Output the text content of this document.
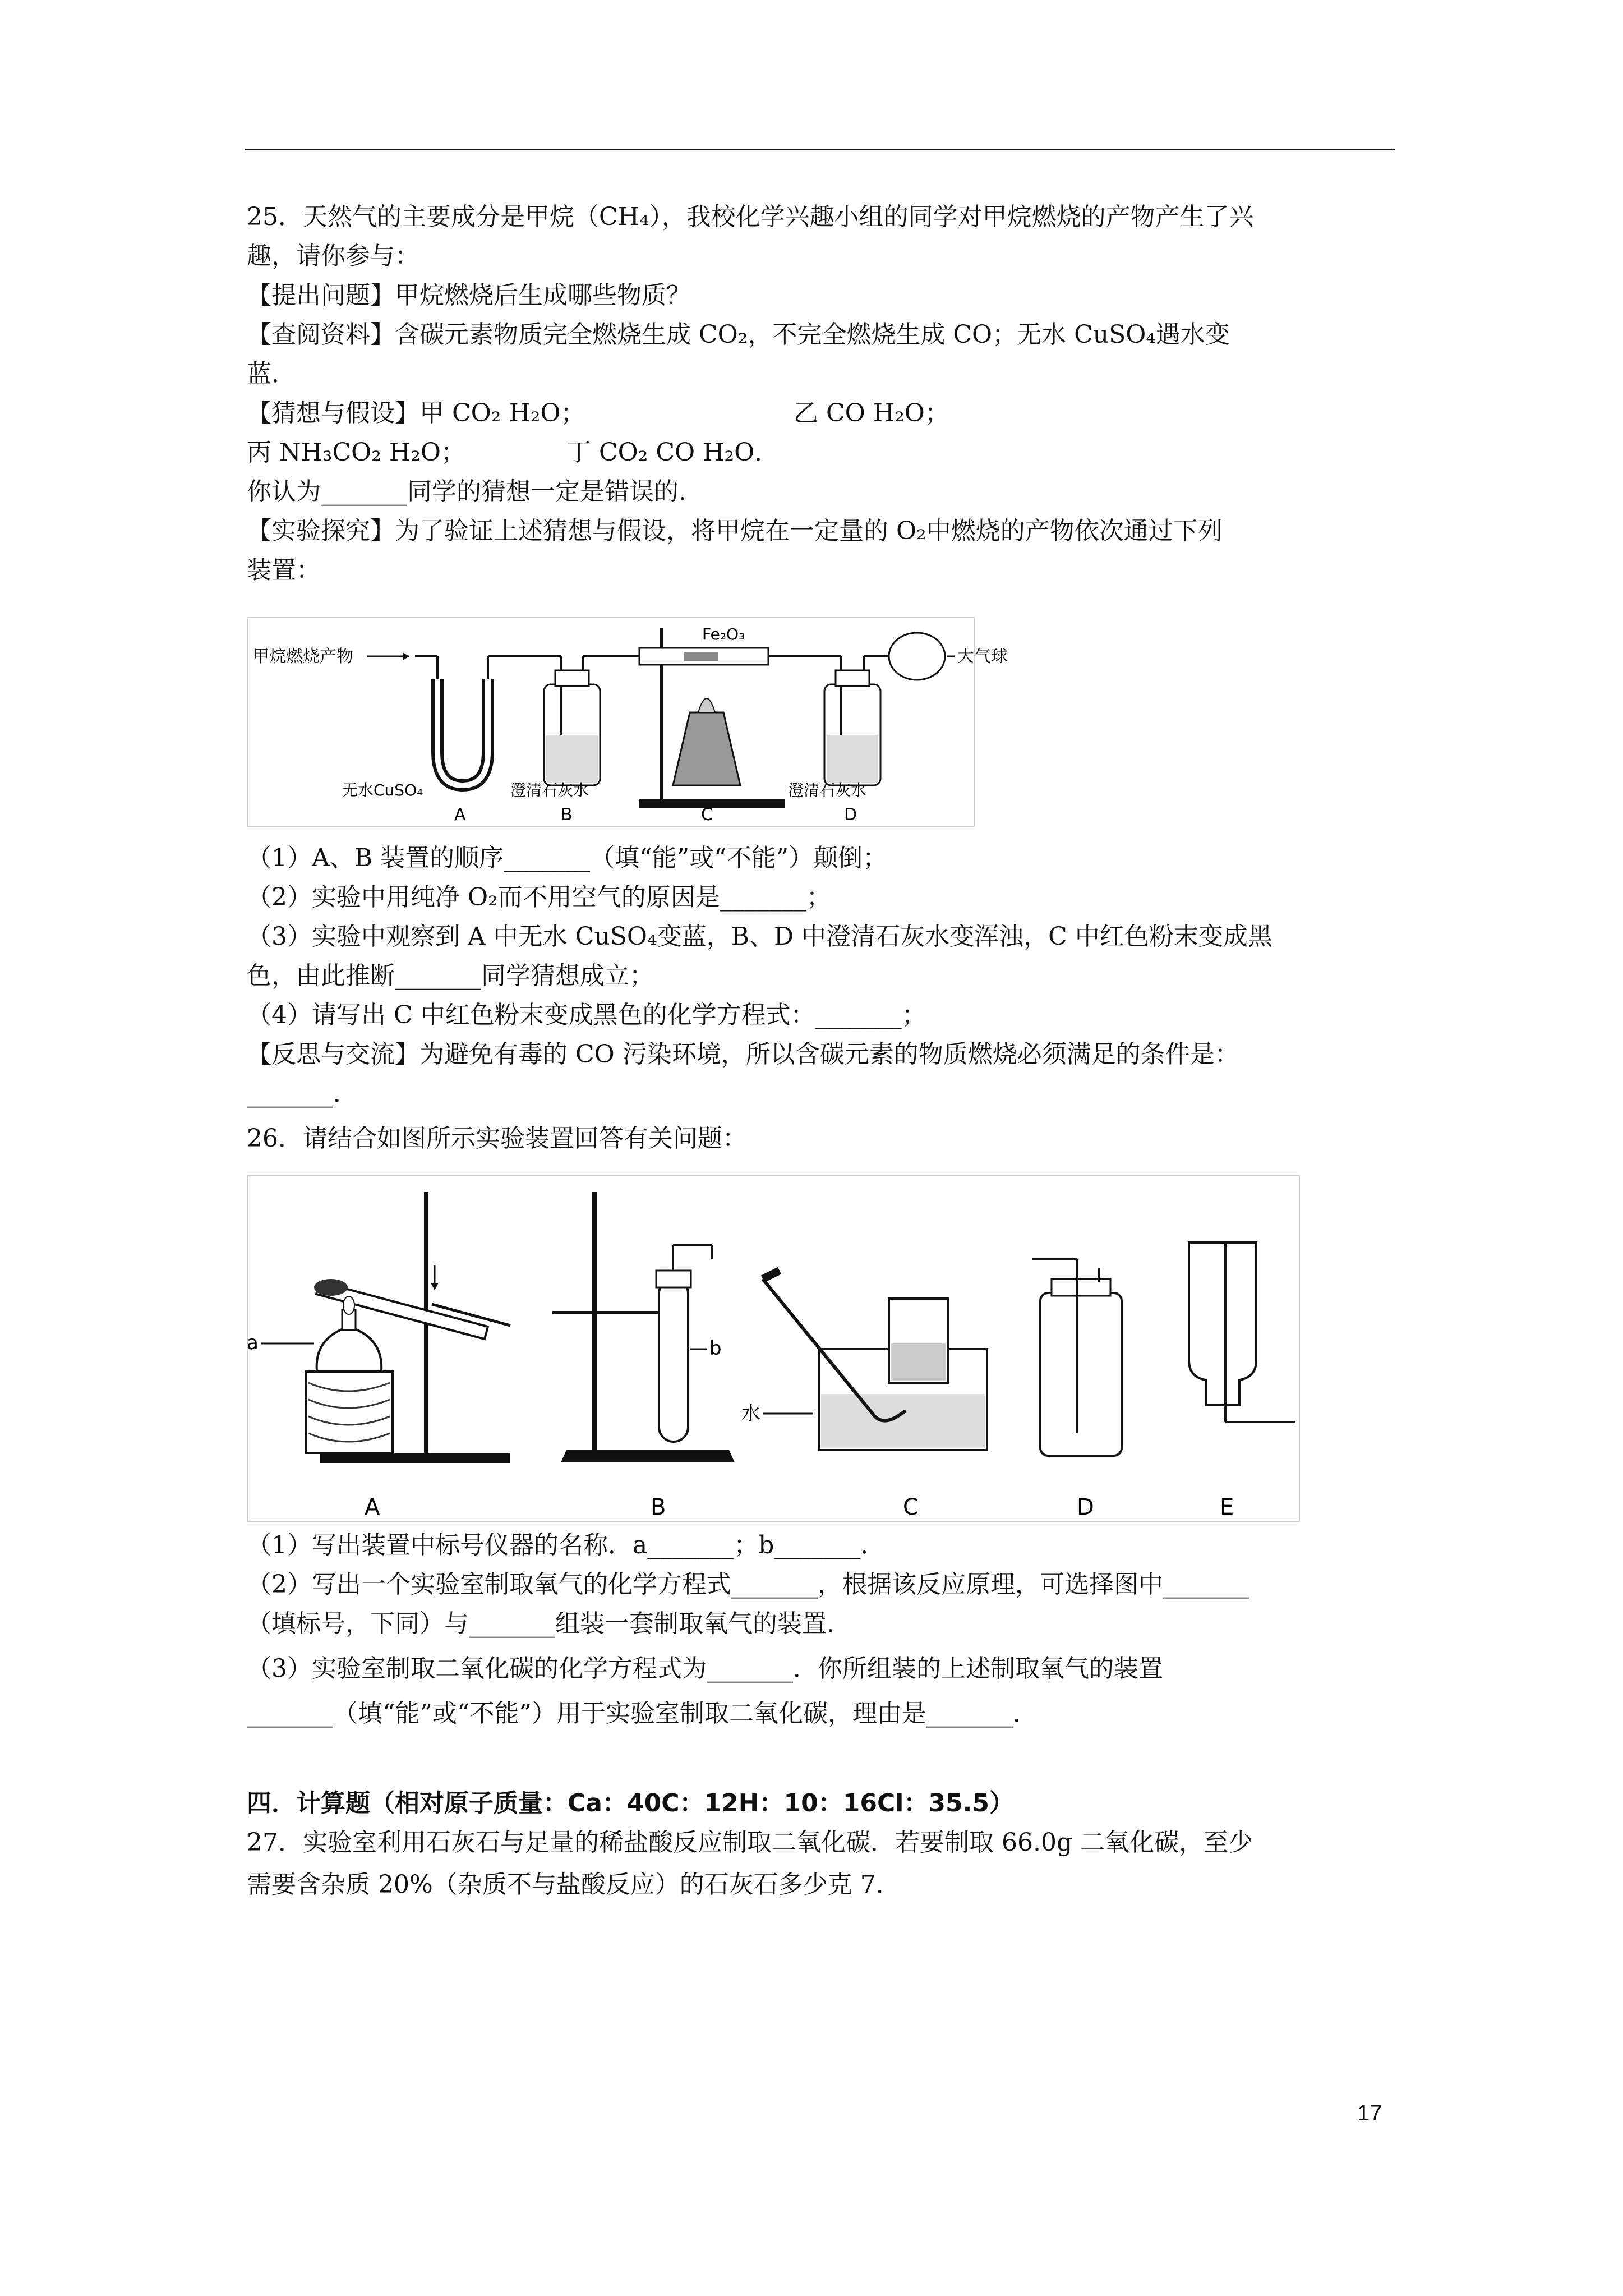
25．天然气的主要成分是甲烷（CH₄），我校化学兴趣小组的同学对甲烷燃烧的产物产生了兴
趣，请你参与：
【提出问题】甲烷燃烧后生成哪些物质？
【查阅资料】含碳元素物质完全燃烧生成 CO₂，不完全燃烧生成 CO；无水 CuSO₄遇水变
蓝．
【猜想与假设】甲 CO₂ H₂O；	乙 CO H₂O；
丙 NH₃CO₂ H₂O；	丁 CO₂ CO H₂O．
你认为_______同学的猜想一定是错误的．
【实验探究】为了验证上述猜想与假设，将甲烷在一定量的 O₂中燃烧的产物依次通过下列
装置：
甲烷燃烧产物
Fe₂O₃
大气球
无水CuSO₄	澄清石灰水	澄清石灰水
A	B	C	D
（1）A、B 装置的顺序_______（填“能”或“不能”）颠倒；
（2）实验中用纯净 O₂而不用空气的原因是_______；
（3）实验中观察到 A 中无水 CuSO₄变蓝，B、D 中澄清石灰水变浑浊，C 中红色粉末变成黑
色，由此推断_______同学猜想成立；
（4）请写出 C 中红色粉末变成黑色的化学方程式：_______；
【反思与交流】为避免有毒的 CO 污染环境，所以含碳元素的物质燃烧必须满足的条件是：
_______．
26．请结合如图所示实验装置回答有关问题：
a	b
水
A	B	C	D	E
（1）写出装置中标号仪器的名称．a_______；b_______．
（2）写出一个实验室制取氧气的化学方程式_______，根据该反应原理，可选择图中_______
（填标号，下同）与_______组装一套制取氧气的装置．
（3）实验室制取二氧化碳的化学方程式为_______．你所组装的上述制取氧气的装置
_______（填“能”或“不能”）用于实验室制取二氧化碳，理由是_______．
四．计算题（相对原子质量：Ca：40C：12H：10：16Cl：35.5）
27．实验室利用石灰石与足量的稀盐酸反应制取二氧化碳．若要制取 66.0g 二氧化碳，至少
需要含杂质 20%（杂质不与盐酸反应）的石灰石多少克 7．
17
